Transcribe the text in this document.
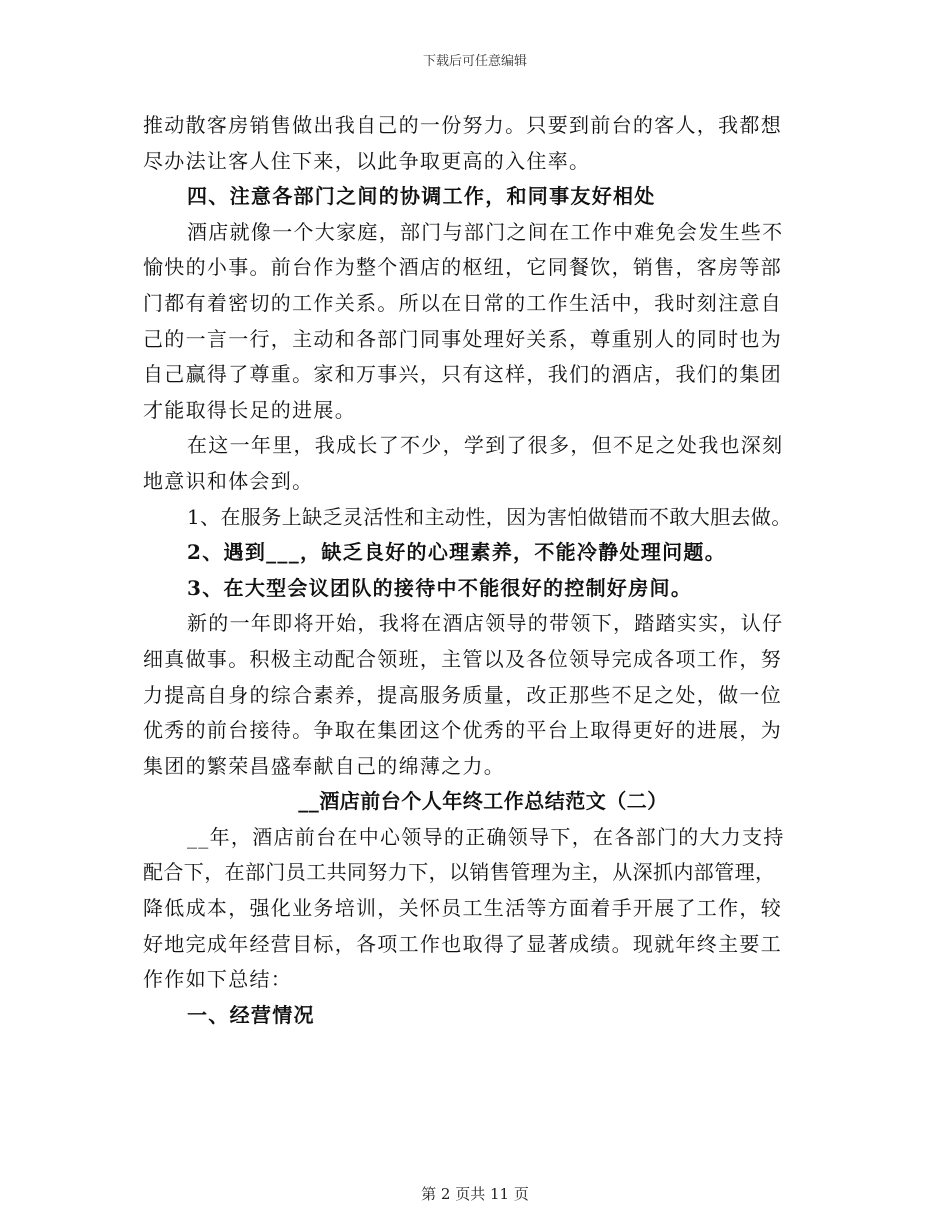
下载后可任意编辑
推动散客房销售做出我自己的一份努力。只要到前台的客人，我都想
尽办法让客人住下来，以此争取更高的入住率。
四、注意各部门之间的协调工作，和同事友好相处
酒店就像一个大家庭，部门与部门之间在工作中难免会发生些不
愉快的小事。前台作为整个酒店的枢纽，它同餐饮，销售，客房等部
门都有着密切的工作关系。所以在日常的工作生活中，我时刻注意自
己的一言一行，主动和各部门同事处理好关系，尊重别人的同时也为
自己赢得了尊重。家和万事兴，只有这样，我们的酒店，我们的集团
才能取得长足的进展。
在这一年里，我成长了不少，学到了很多，但不足之处我也深刻
地意识和体会到。
1、在服务上缺乏灵活性和主动性，因为害怕做错而不敢大胆去做。
2、遇到___，缺乏良好的心理素养，不能冷静处理问题。
3、在大型会议团队的接待中不能很好的控制好房间。
新的一年即将开始，我将在酒店领导的带领下，踏踏实实，认仔
细真做事。积极主动配合领班，主管以及各位领导完成各项工作，努
力提高自身的综合素养，提高服务质量，改正那些不足之处，做一位
优秀的前台接待。争取在集团这个优秀的平台上取得更好的进展，为
集团的繁荣昌盛奉献自己的绵薄之力。
__酒店前台个人年终工作总结范文（二）
__年，酒店前台在中心领导的正确领导下，在各部门的大力支持
配合下，在部门员工共同努力下，以销售管理为主，从深抓内部管理，
降低成本，强化业务培训，关怀员工生活等方面着手开展了工作，较
好地完成年经营目标，各项工作也取得了显著成绩。现就年终主要工
作作如下总结：
一、经营情况
第 2 页共 11 页
